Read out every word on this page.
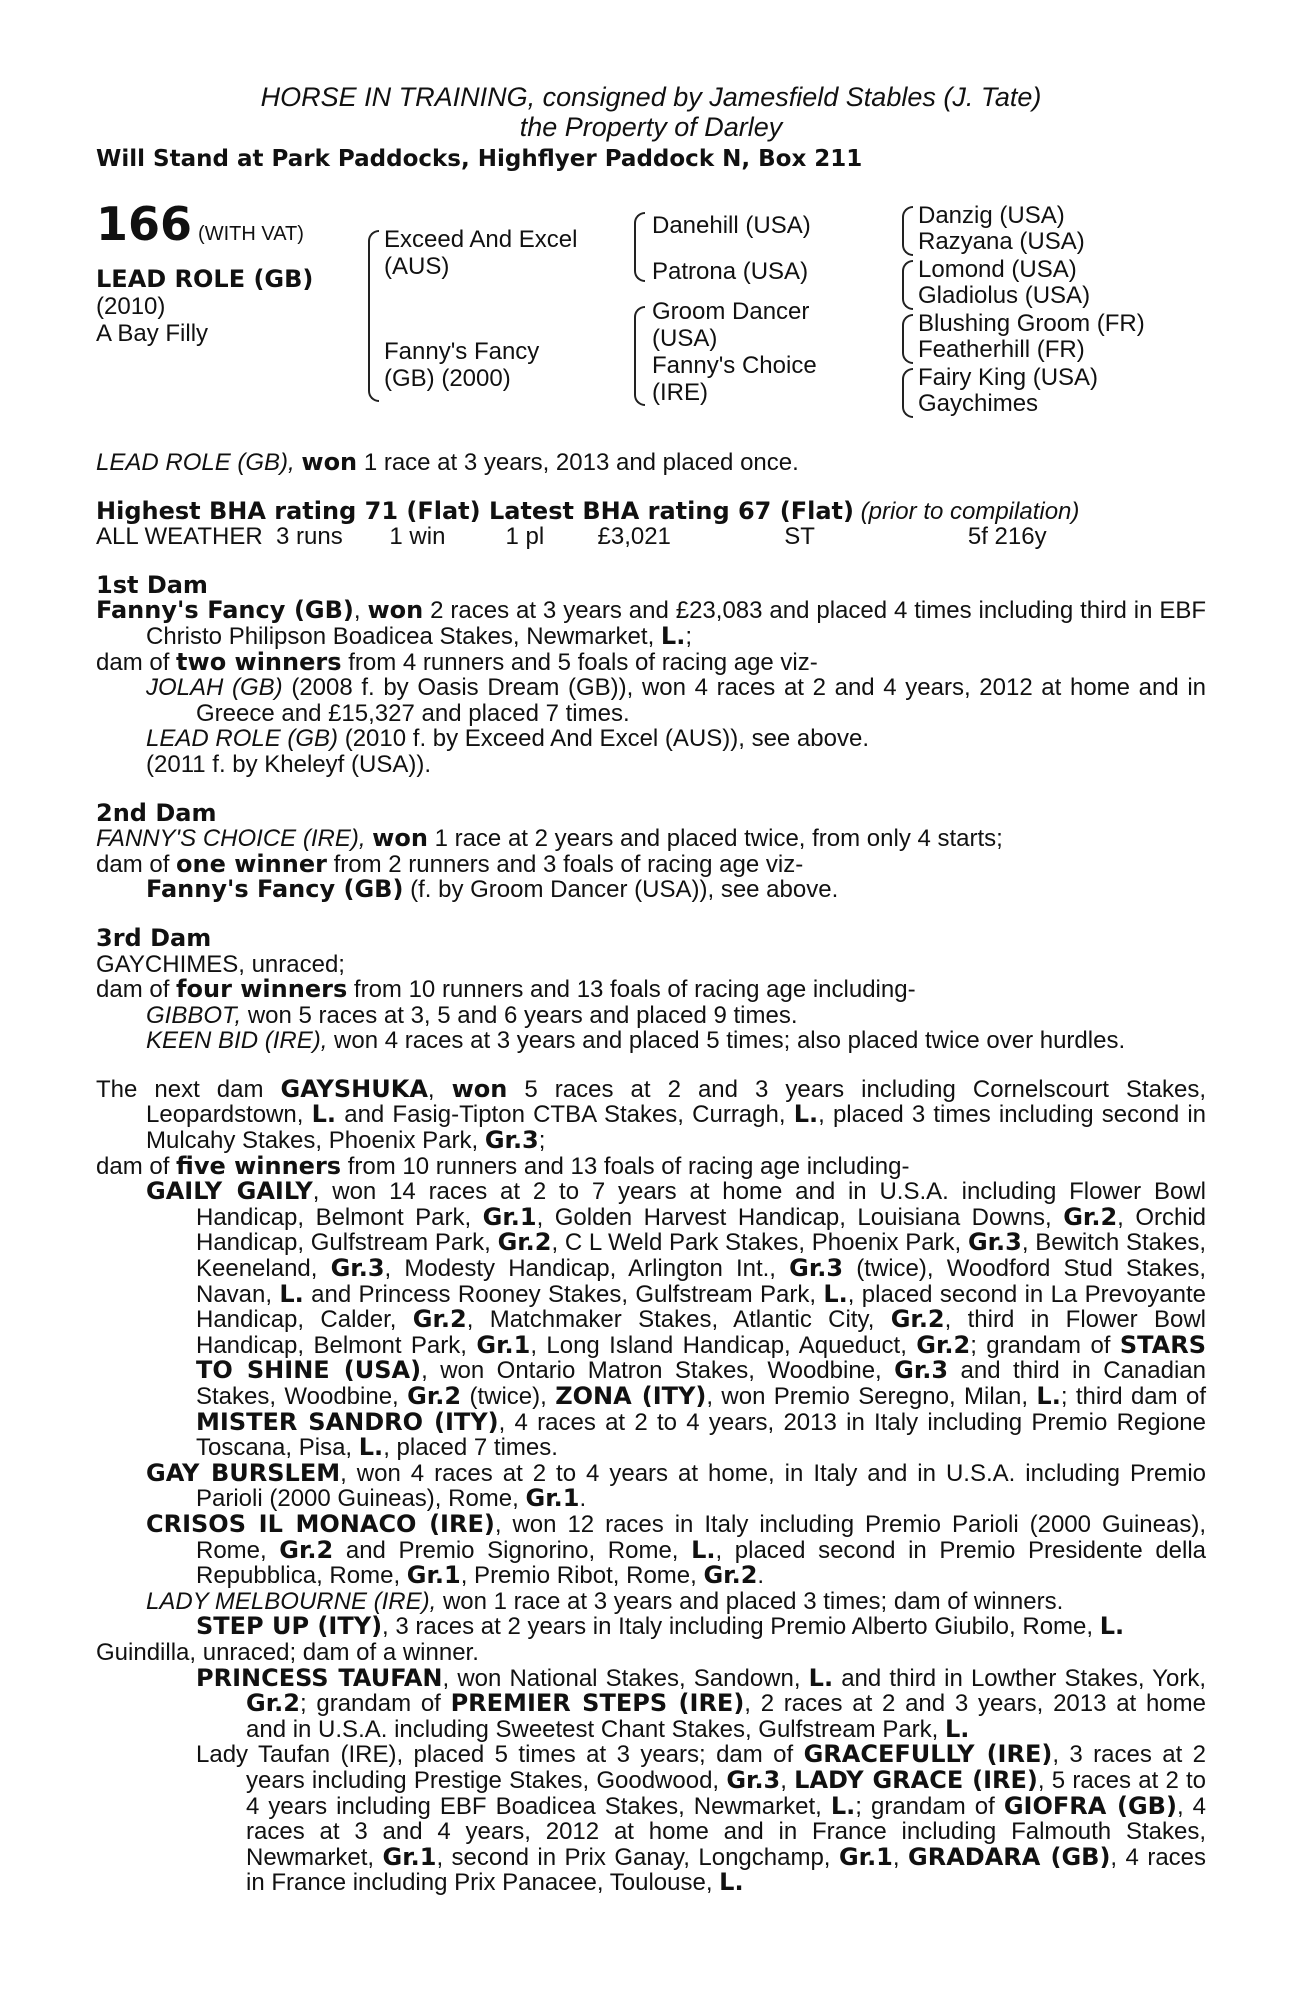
HORSE IN TRAINING, consigned by Jamesfield Stables (J. Tate)
the Property of Darley
Will Stand at Park Paddocks, Highflyer Paddock N, Box 211
166 (WITH VAT)
LEAD ROLE (GB)
(2010)
A Bay Filly
Exceed And Excel (AUS)
Fanny's Fancy (GB) (2000)
Danehill (USA)
Patrona (USA)
Groom Dancer (USA)
Fanny's Choice (IRE)
Danzig (USA)
Razyana (USA)
Lomond (USA)
Gladiolus (USA)
Blushing Groom (FR)
Featherhill (FR)
Fairy King (USA)
Gaychimes

LEAD ROLE (GB), won 1 race at 3 years, 2013 and placed once.

Highest BHA rating 71 (Flat) Latest BHA rating 67 (Flat) (prior to compilation)

ALL WEATHER  3 runs       1 win         1 pl        £3,021                 ST                       5f 216y

1st Dam

Fanny's Fancy (GB), won 2 races at 3 years and £23,083 and placed 4 times including third in EBF Christo Philipson Boadicea Stakes, Newmarket, L.;

dam of two winners from 4 runners and 5 foals of racing age viz-

JOLAH (GB) (2008 f. by Oasis Dream (GB)), won 4 races at 2 and 4 years, 2012 at home and in Greece and £15,327 and placed 7 times.

LEAD ROLE (GB) (2010 f. by Exceed And Excel (AUS)), see above.

(2011 f. by Kheleyf (USA)).

2nd Dam

FANNY'S CHOICE (IRE), won 1 race at 2 years and placed twice, from only 4 starts;

dam of one winner from 2 runners and 3 foals of racing age viz-

Fanny's Fancy (GB) (f. by Groom Dancer (USA)), see above.

3rd Dam

GAYCHIMES, unraced;

dam of four winners from 10 runners and 13 foals of racing age including-

GIBBOT, won 5 races at 3, 5 and 6 years and placed 9 times.

KEEN BID (IRE), won 4 races at 3 years and placed 5 times; also placed twice over hurdles.

The next dam GAYSHUKA, won 5 races at 2 and 3 years including Cornelscourt Stakes, Leopardstown, L. and Fasig-Tipton CTBA Stakes, Curragh, L., placed 3 times including second in Mulcahy Stakes, Phoenix Park, Gr.3;

dam of five winners from 10 runners and 13 foals of racing age including-

GAILY GAILY, won 14 races at 2 to 7 years at home and in U.S.A. including Flower Bowl Handicap, Belmont Park, Gr.1, Golden Harvest Handicap, Louisiana Downs, Gr.2, Orchid Handicap, Gulfstream Park, Gr.2, C L Weld Park Stakes, Phoenix Park, Gr.3, Bewitch Stakes, Keeneland, Gr.3, Modesty Handicap, Arlington Int., Gr.3 (twice), Woodford Stud Stakes, Navan, L. and Princess Rooney Stakes, Gulfstream Park, L., placed second in La Prevoyante Handicap, Calder, Gr.2, Matchmaker Stakes, Atlantic City, Gr.2, third in Flower Bowl Handicap, Belmont Park, Gr.1, Long Island Handicap, Aqueduct, Gr.2; grandam of STARS TO SHINE (USA), won Ontario Matron Stakes, Woodbine, Gr.3 and third in Canadian Stakes, Woodbine, Gr.2 (twice), ZONA (ITY), won Premio Seregno, Milan, L.; third dam of MISTER SANDRO (ITY), 4 races at 2 to 4 years, 2013 in Italy including Premio Regione Toscana, Pisa, L., placed 7 times.

GAY BURSLEM, won 4 races at 2 to 4 years at home, in Italy and in U.S.A. including Premio Parioli (2000 Guineas), Rome, Gr.1.

CRISOS IL MONACO (IRE), won 12 races in Italy including Premio Parioli (2000 Guineas), Rome, Gr.2 and Premio Signorino, Rome, L., placed second in Premio Presidente della Repubblica, Rome, Gr.1, Premio Ribot, Rome, Gr.2.

LADY MELBOURNE (IRE), won 1 race at 3 years and placed 3 times; dam of winners.

STEP UP (ITY), 3 races at 2 years in Italy including Premio Alberto Giubilo, Rome, L.

Guindilla, unraced; dam of a winner.

PRINCESS TAUFAN, won National Stakes, Sandown, L. and third in Lowther Stakes, York, Gr.2; grandam of PREMIER STEPS (IRE), 2 races at 2 and 3 years, 2013 at home and in U.S.A. including Sweetest Chant Stakes, Gulfstream Park, L.

Lady Taufan (IRE), placed 5 times at 3 years; dam of GRACEFULLY (IRE), 3 races at 2 years including Prestige Stakes, Goodwood, Gr.3, LADY GRACE (IRE), 5 races at 2 to 4 years including EBF Boadicea Stakes, Newmarket, L.; grandam of GIOFRA (GB), 4 races at 3 and 4 years, 2012 at home and in France including Falmouth Stakes, Newmarket, Gr.1, second in Prix Ganay, Longchamp, Gr.1, GRADARA (GB), 4 races in France including Prix Panacee, Toulouse, L.
